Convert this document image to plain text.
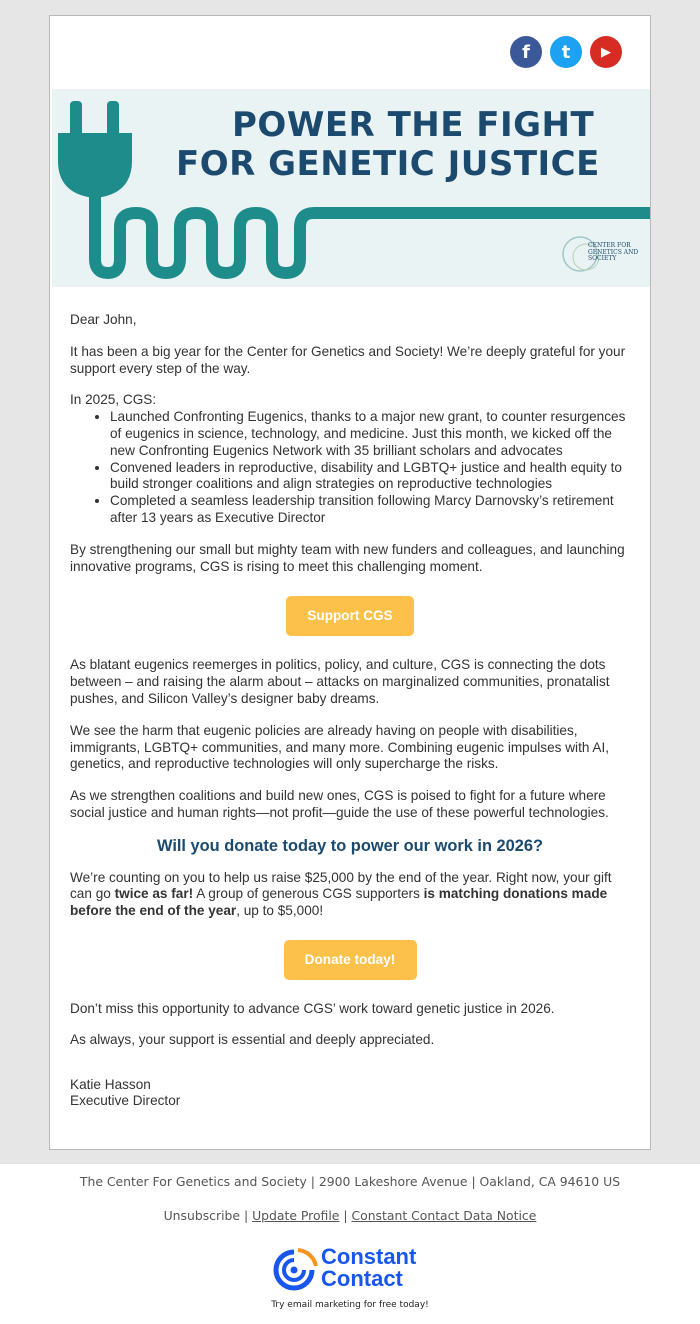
f	t	▶
POWER THE FIGHT
FOR GENETIC JUSTICE
CENTER FOR GENETICS AND SOCIETY

Dear John,

It has been a big year for the Center for Genetics and Society! We’re deeply grateful for your support every step of the way.

In 2025, CGS:

• Launched Confronting Eugenics, thanks to a major new grant, to counter resurgences of eugenics in science, technology, and medicine. Just this month, we kicked off the new Confronting Eugenics Network with 35 brilliant scholars and advocates
• Convened leaders in reproductive, disability and LGBTQ+ justice and health equity to build stronger coalitions and align strategies on reproductive technologies
• Completed a seamless leadership transition following Marcy Darnovsky’s retirement after 13 years as Executive Director

By strengthening our small but mighty team with new funders and colleagues, and launching innovative programs, CGS is rising to meet this challenging moment.

Support CGS

As blatant eugenics reemerges in politics, policy, and culture, CGS is connecting the dots between – and raising the alarm about – attacks on marginalized communities, pronatalist pushes, and Silicon Valley’s designer baby dreams.

We see the harm that eugenic policies are already having on people with disabilities, immigrants, LGBTQ+ communities, and many more. Combining eugenic impulses with AI, genetics, and reproductive technologies will only supercharge the risks.

As we strengthen coalitions and build new ones, CGS is poised to fight for a future where social justice and human rights—not profit—guide the use of these powerful technologies.

Will you donate today to power our work in 2026?

We’re counting on you to help us raise $25,000 by the end of the year. Right now, your gift can go twice as far! A group of generous CGS supporters is matching donations made before the end of the year, up to $5,000!

Donate today!

Don’t miss this opportunity to advance CGS’ work toward genetic justice in 2026.

As always, your support is essential and deeply appreciated.

Katie Hasson

Executive Director

The Center For Genetics and Society | 2900 Lakeshore Avenue | Oakland, CA 94610 US
Unsubscribe | Update Profile | Constant Contact Data Notice
Constant
Contact
Try email marketing for free today!
